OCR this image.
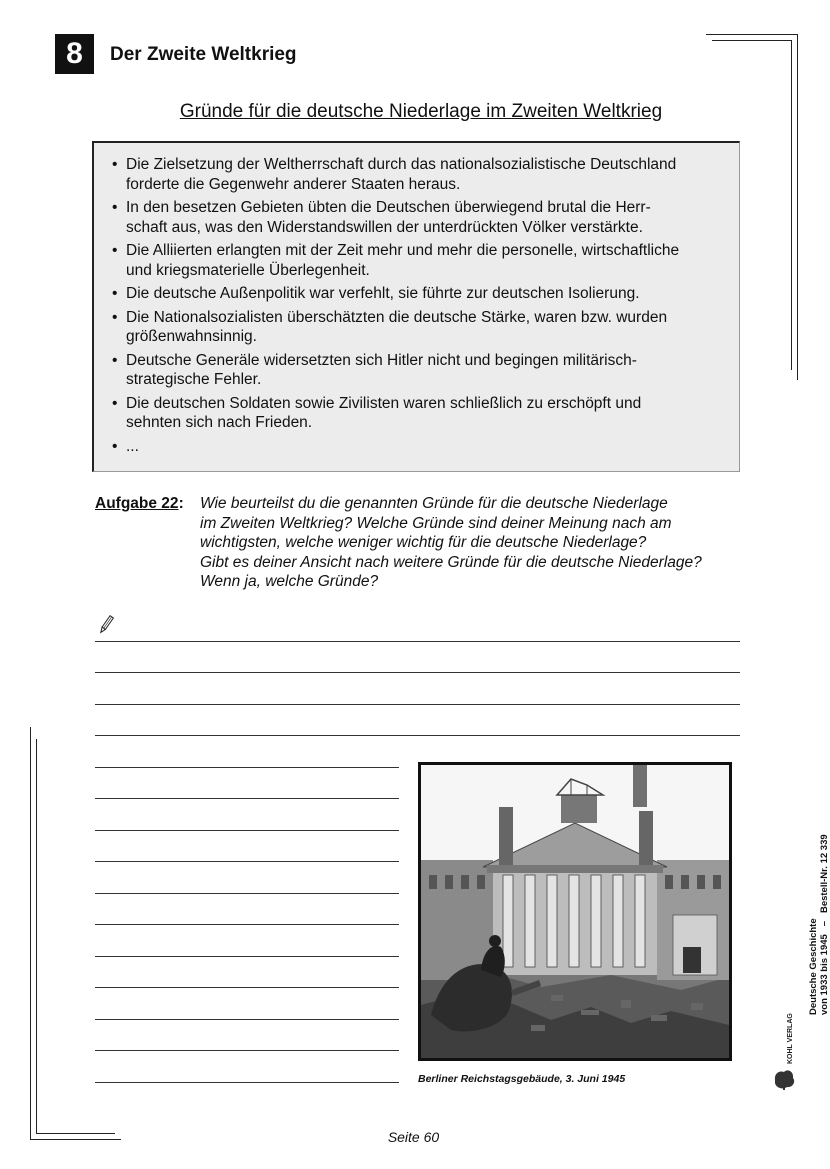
8	Der Zweite Weltkrieg
Gründe für die deutsche Niederlage im Zweiten Weltkrieg
• Die Zielsetzung der Weltherrschaft durch das nationalsozialistische Deutschland
forderte die Gegenwehr anderer Staaten heraus.
• In den besetzen Gebieten übten die Deutschen überwiegend brutal die Herr-
schaft aus, was den Widerstandswillen der unterdrückten Völker verstärkte.
• Die Alliierten erlangten mit der Zeit mehr und mehr die personelle, wirtschaftliche
und kriegsmaterielle Überlegenheit.
• Die deutsche Außenpolitik war verfehlt, sie führte zur deutschen Isolierung.
• Die Nationalsozialisten überschätzten die deutsche Stärke, waren bzw. wurden
größenwahnsinnig.
• Deutsche Generäle widersetzten sich Hitler nicht und begingen militärisch-
strategische Fehler.
• Die deutschen Soldaten sowie Zivilisten waren schließlich zu erschöpft und
sehnten sich nach Frieden.
• ...
Aufgabe 22: Wie beurteilst du die genannten Gründe für die deutsche Niederlage
im Zweiten Weltkrieg? Welche Gründe sind deiner Meinung nach am
wichtigsten, welche weniger wichtig für die deutsche Niederlage?
Gibt es deiner Ansicht nach weitere Gründe für die deutsche Niederlage?
Wenn ja, welche Gründe?
Berliner Reichstagsgebäude, 3. Juni 1945
Deutsche Geschichte von 1933 bis 1945   –   Bestell-Nr. 12 339
KOHL VERLAG
Seite 60
